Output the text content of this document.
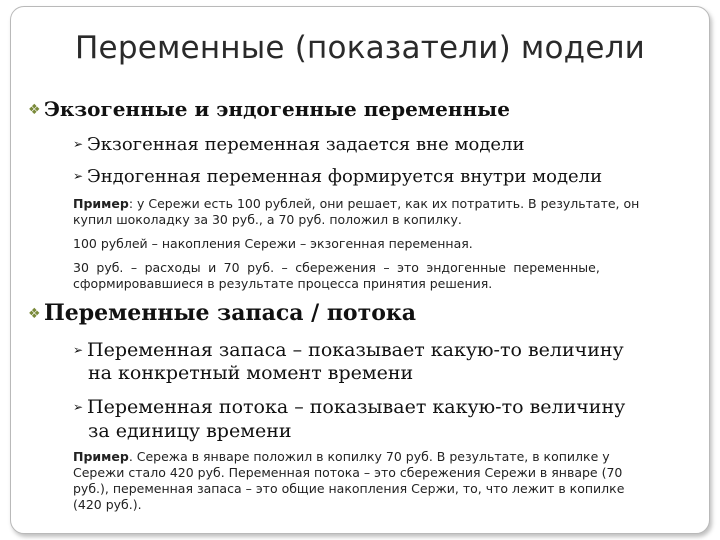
Переменные (показатели) модели
❖ Экзогенные и эндогенные переменные
➢ Экзогенная переменная задается вне модели
➢ Эндогенная переменная формируется внутри модели
Пример: у Сережи есть 100 рублей, они решает, как их потратить. В результате, он
купил шоколадку за 30 руб., а 70 руб. положил в копилку.
100 рублей – накопления Сережи – экзогенная переменная.
30 руб. – расходы и 70 руб. – сбережения – это эндогенные переменные,
сформировавшиеся в результате процесса принятия решения.
❖ Переменные запаса / потока
➢ Переменная запаса – показывает какую-то величину
на конкретный момент времени
➢ Переменная потока – показывает какую-то величину
за единицу времени
Пример. Сережа в январе положил в копилку 70 руб. В результате, в копилке у
Сережи стало 420 руб. Переменная потока – это сбережения Сережи в январе (70
руб.), переменная запаса – это общие накопления Сержи, то, что лежит в копилке
(420 руб.).
